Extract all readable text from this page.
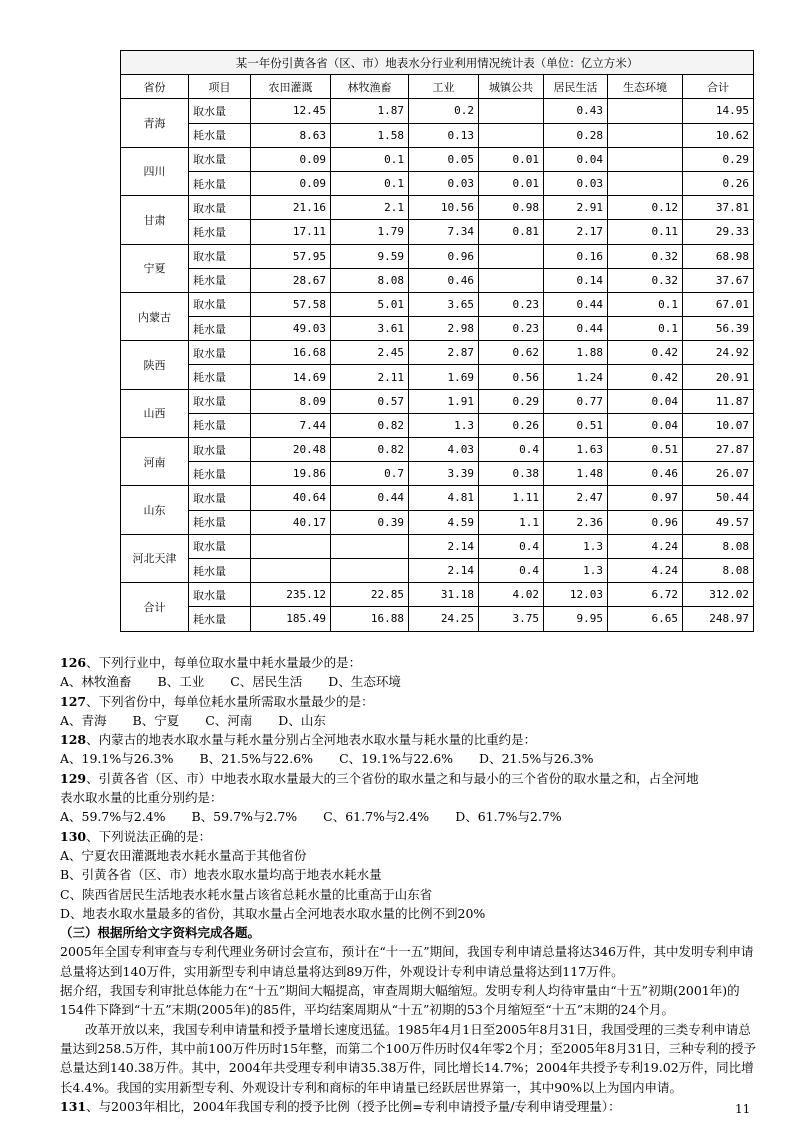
某一年份引黄各省（区、市）地表水分行业利用情况统计表（单位：亿立方米）								
省份	项目	农田灌溉	林牧渔畜	工业	城镇公共	居民生活	生态环境	合计
青海	取水量	12.45	1.87	0.2		0.43		14.95
	耗水量	8.63	1.58	0.13		0.28		10.62
四川	取水量	0.09	0.1	0.05	0.01	0.04		0.29
	耗水量	0.09	0.1	0.03	0.01	0.03		0.26
甘肃	取水量	21.16	2.1	10.56	0.98	2.91	0.12	37.81
	耗水量	17.11	1.79	7.34	0.81	2.17	0.11	29.33
宁夏	取水量	57.95	9.59	0.96		0.16	0.32	68.98
	耗水量	28.67	8.08	0.46		0.14	0.32	37.67
内蒙古	取水量	57.58	5.01	3.65	0.23	0.44	0.1	67.01
	耗水量	49.03	3.61	2.98	0.23	0.44	0.1	56.39
陕西	取水量	16.68	2.45	2.87	0.62	1.88	0.42	24.92
	耗水量	14.69	2.11	1.69	0.56	1.24	0.42	20.91
山西	取水量	8.09	0.57	1.91	0.29	0.77	0.04	11.87
	耗水量	7.44	0.82	1.3	0.26	0.51	0.04	10.07
河南	取水量	20.48	0.82	4.03	0.4	1.63	0.51	27.87
	耗水量	19.86	0.7	3.39	0.38	1.48	0.46	26.07
山东	取水量	40.64	0.44	4.81	1.11	2.47	0.97	50.44
	耗水量	40.17	0.39	4.59	1.1	2.36	0.96	49.57
河北天津	取水量			2.14	0.4	1.3	4.24	8.08
	耗水量			2.14	0.4	1.3	4.24	8.08
合计	取水量	235.12	22.85	31.18	4.02	12.03	6.72	312.02
	耗水量	185.49	16.88	24.25	3.75	9.95	6.65	248.97

126、下列行业中，每单位取水量中耗水量最少的是：

A、林牧渔畜 B、工业 C、居民生活 D、生态环境

127、下列省份中，每单位耗水量所需取水量最少的是：

A、青海 B、宁夏 C、河南 D、山东

128、内蒙古的地表水取水量与耗水量分别占全河地表水取水量与耗水量的比重约是：

A、19.1%与26.3% B、21.5%与22.6% C、19.1%与22.6% D、21.5%与26.3%

129、引黄各省（区、市）中地表水取水量最大的三个省份的取水量之和与最小的三个省份的取水量之和，占全河地
表水取水量的比重分别约是：

A、59.7%与2.4% B、59.7%与2.7% C、61.7%与2.4% D、61.7%与2.7%

130、下列说法正确的是：

A、宁夏农田灌溉地表水耗水量高于其他省份

B、引黄各省（区、市）地表水取水量均高于地表水耗水量

C、陕西省居民生活地表水耗水量占该省总耗水量的比重高于山东省

D、地表水取水量最多的省份，其取水量占全河地表水取水量的比例不到20%

（三）根据所给文字资料完成各题。

2005年全国专利审查与专利代理业务研讨会宣布，预计在“十一五”期间，我国专利申请总量将达346万件，其中发明专利申请总量将达到140万件，实用新型专利申请总量将达到89万件，外观设计专利申请总量将达到117万件。

据介绍，我国专利审批总体能力在“十五”期间大幅提高，审查周期大幅缩短。发明专利人均待审量由“十五”初期(2001年)的154件下降到“十五”末期(2005年)的85件，平均结案周期从“十五”初期的53个月缩短至“十五”末期的24个月。

改革开放以来，我国专利申请量和授予量增长速度迅猛。1985年4月1日至2005年8月31日，我国受理的三类专利申请总量达到258.5万件，其中前100万件历时15年整，而第二个100万件历时仅4年零2个月；至2005年8月31日，三种专利的授予总量达到140.38万件。其中，2004年共受理专利申请35.38万件，同比增长14.7%；2004年共授予专利19.02万件，同比增长4.4%。我国的实用新型专利、外观设计专利和商标的年申请量已经跃居世界第一，其中90%以上为国内申请。

131、与2003年相比，2004年我国专利的授予比例（授予比例=专利申请授予量/专利申请受理量）：	11
